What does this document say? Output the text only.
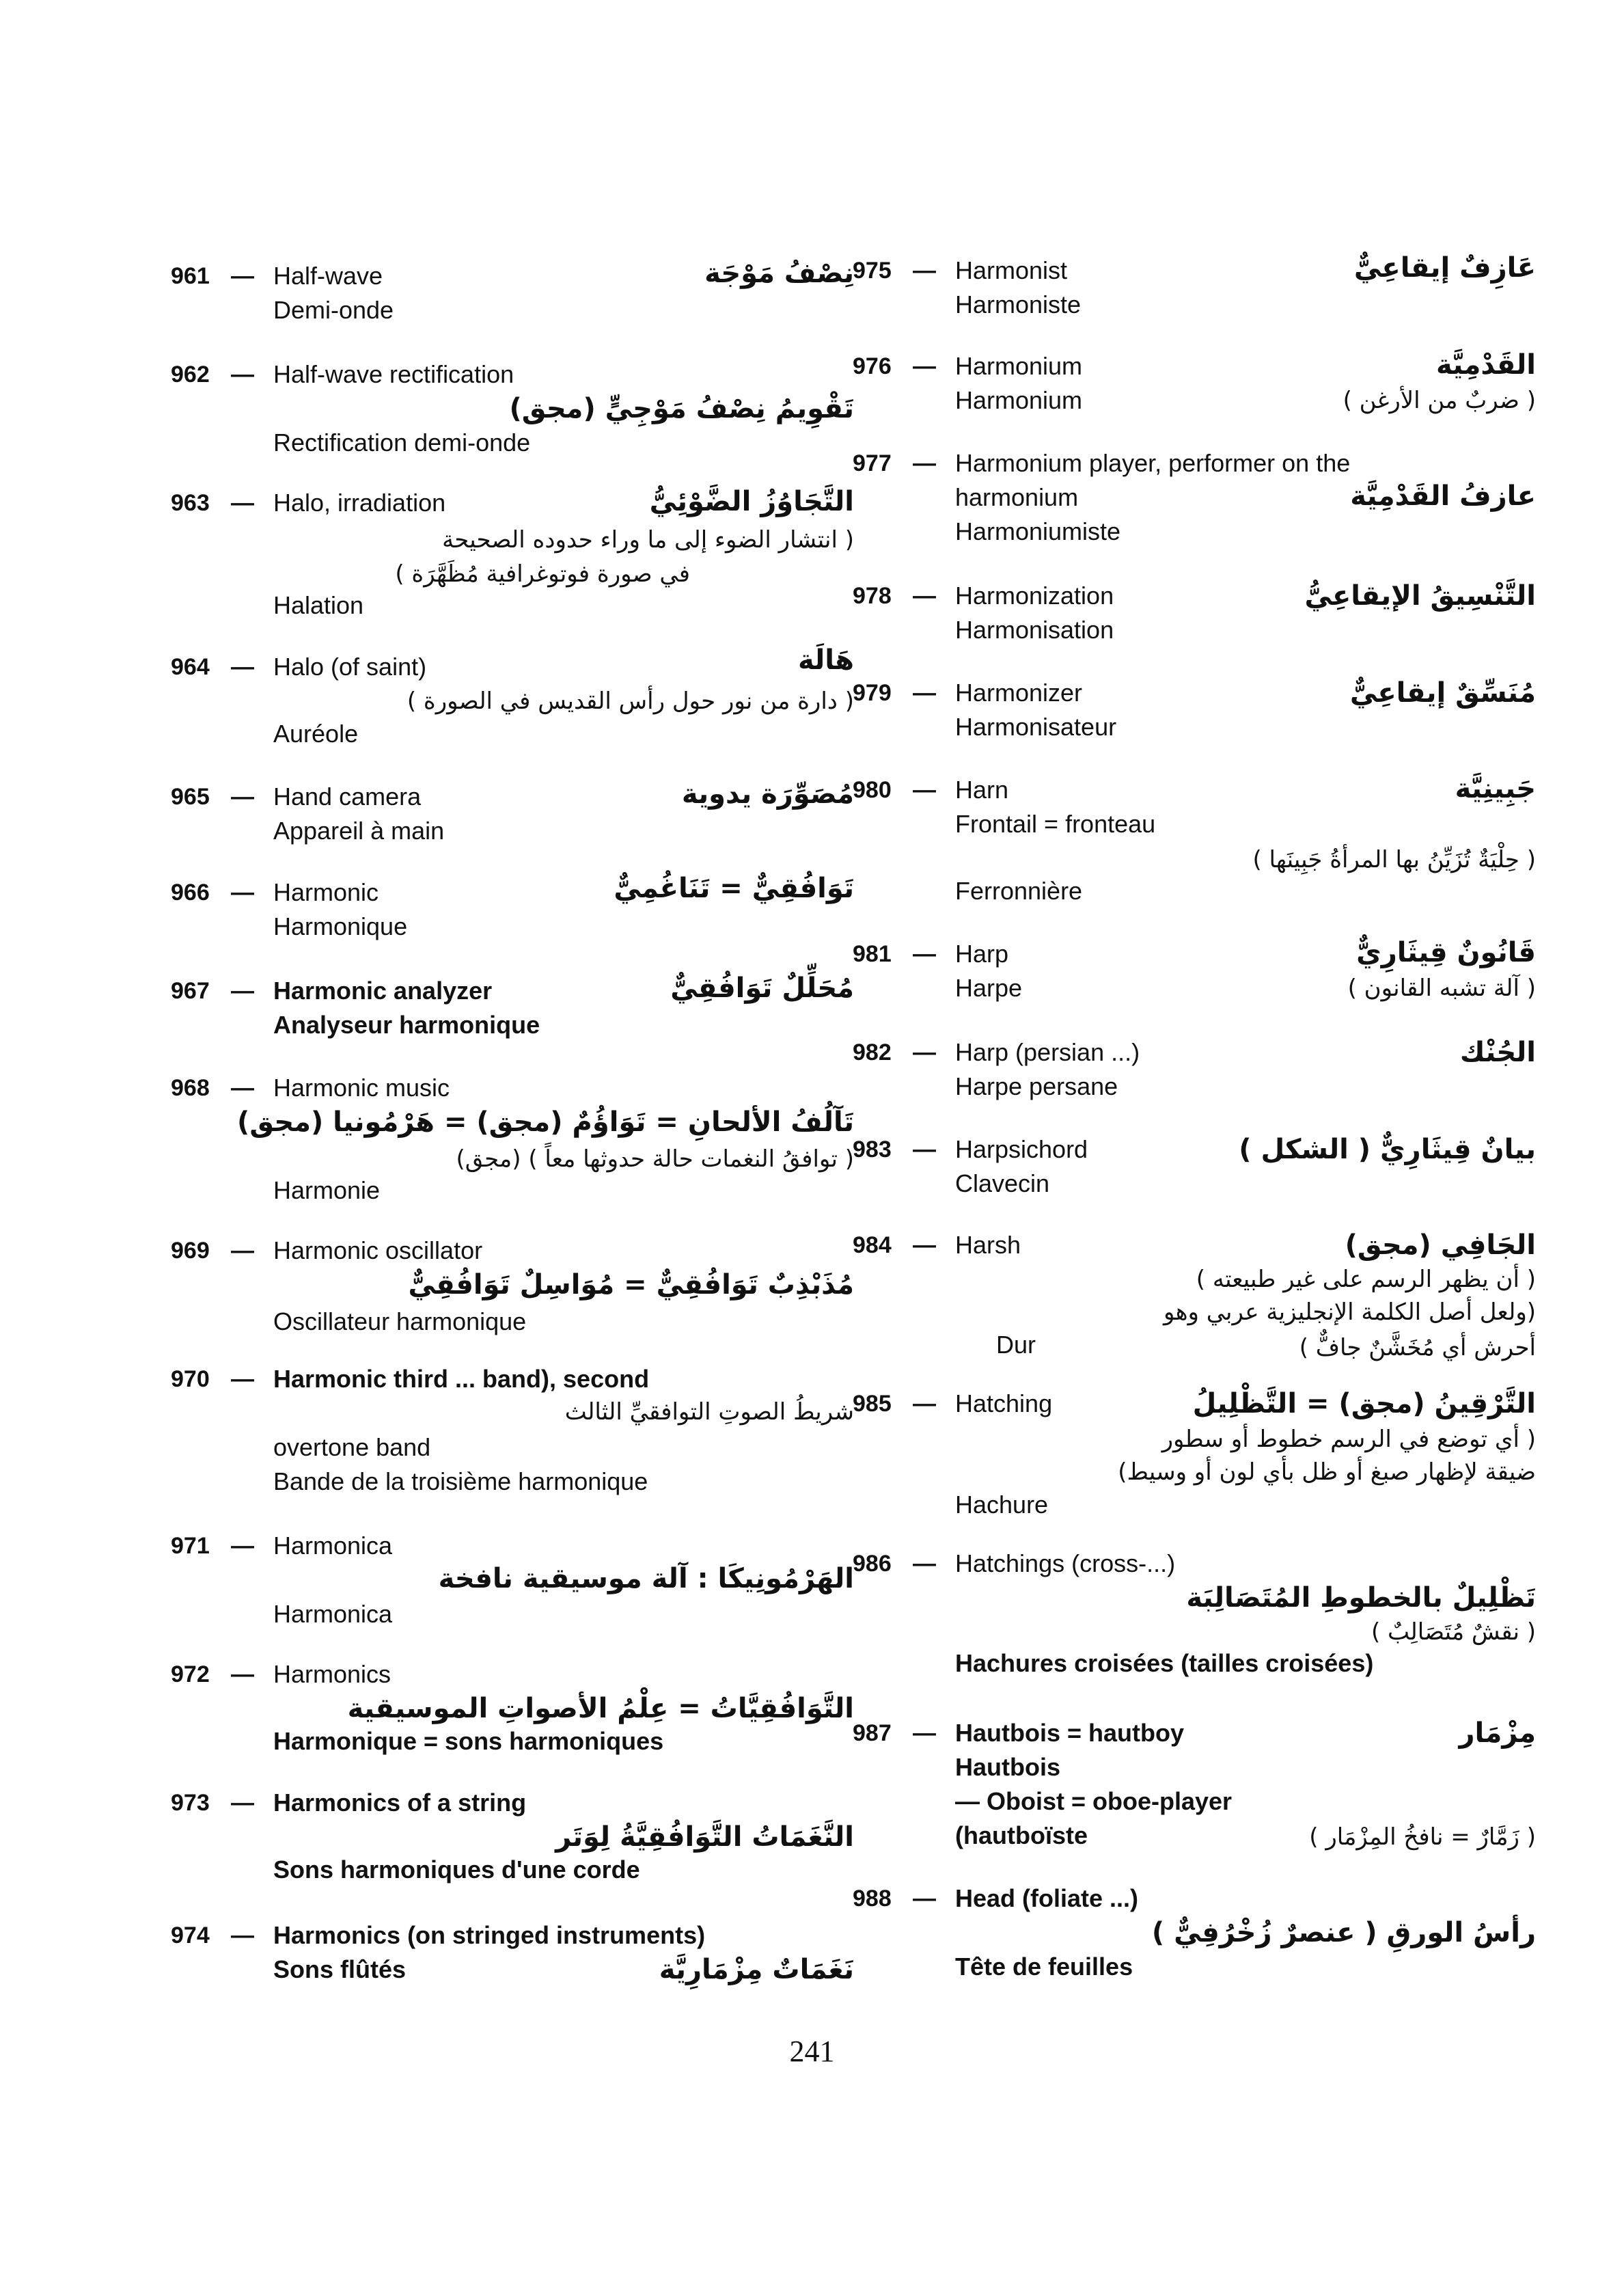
961 — Half-wave
Demi-onde
نِصْفُ مَوْجَة
962 — Half-wave rectification
تَقْوِيمُ نِصْفُ مَوْجِيٍّ (مجق)
Rectification demi-onde
963 — Halo, irradiation	التَّجَاوُزُ الضَّوْئِيُّ
( انتشار الضوء إلى ما وراء حدوده الصحيحة
في صورة فوتوغرافية مُظَهَّرَة )
Halation
964 — Halo (of saint)	هَالَة
( دارة من نور حول رأس القديس في الصورة )
Auréole
965 — Hand camera	مُصَوِّرَة يدوية
Appareil à main
966 — Harmonic	تَوَافُقِيٌّ = تَنَاغُمِيٌّ
Harmonique
967 — Harmonic analyzer	مُحَلِّلٌ تَوَافُقِيٌّ
Analyseur harmonique
968 — Harmonic music
تَآلُفُ الألحانِ = تَوَاؤُمٌ (مجق) = هَرْمُونيا (مجق)
( توافقُ النغمات حالة حدوثها معاً ) (مجق)
Harmonie
969 — Harmonic oscillator
مُذَبْذِبٌ تَوَافُقِيٌّ = مُوَاسِلٌ تَوَافُقِيٌّ
Oscillateur harmonique
970 — Harmonic third ... band), second
شريطُ الصوتِ التوافقيِّ الثالث
overtone band
Bande de la troisième harmonique
971 — Harmonica
الهَرْمُونِيكَا : آلة موسيقية نافخة
Harmonica
972 — Harmonics
التَّوَافُقِيَّاتُ = عِلْمُ الأصواتِ الموسيقية
Harmonique = sons harmoniques
973 — Harmonics of a string
النَّغَمَاتُ التَّوَافُقِيَّةُ لِوَتَر
Sons harmoniques d'une corde
974 — Harmonics (on stringed instruments)
Sons flûtés	نَغَمَاتٌ مِزْمَارِيَّة
975 — Harmonist	عَازِفٌ إيقاعِيٌّ
Harmoniste
976 — Harmonium	القَدْمِيَّة
Harmonium	( ضربٌ من الأرغن )
977 — Harmonium player, performer on the
harmonium	عازفُ القَدْمِيَّة
Harmoniumiste
978 — Harmonization	التَّنْسِيقُ الإيقاعِيُّ
Harmonisation
979 — Harmonizer	مُنَسِّقٌ إيقاعِيٌّ
Harmonisateur
980 — Harn	جَبِينِيَّة
Frontail = fronteau
( حِلْيَةٌ تُزَيِّنُ بها المرأةُ جَبِينَها )
Ferronnière
981 — Harp	قَانُونٌ قِيثَارِيٌّ
Harpe	( آلة تشبه القانون )
982 — Harp (persian ...)	الجُنْك
Harpe persane
983 — Harpsichord	بيانٌ قِيثَارِيٌّ ( الشكل )
Clavecin
984 — Harsh	الجَافِي (مجق)
( أن يظهر الرسم على غير طبيعته )
(ولعل أصل الكلمة الإنجليزية عربي وهو
Dur	أحرش أي مُخَشَّنٌ جافٌّ )
985 — Hatching	التَّرْقِينُ (مجق) = التَّظْلِيلُ
( أي توضع في الرسم خطوط أو سطور
ضيقة لإظهار صبغ أو ظل بأي لون أو وسيط)
Hachure
986 — Hatchings (cross-...)
تَظْلِيلٌ بالخطوطِ المُتَصَالِبَة
( نقشٌ مُتَصَالِبٌ )
Hachures croisées (tailles croisées)
987 — Hautbois = hautboy	مِزْمَار
Hautbois
— Oboist = oboe-player
(hautboïste	( زَمَّارٌ = نافخُ المِزْمَار )
988 — Head (foliate ...)
رأسُ الورقِ ( عنصرٌ زُخْرُفِيٌّ )
Tête de feuilles
241
